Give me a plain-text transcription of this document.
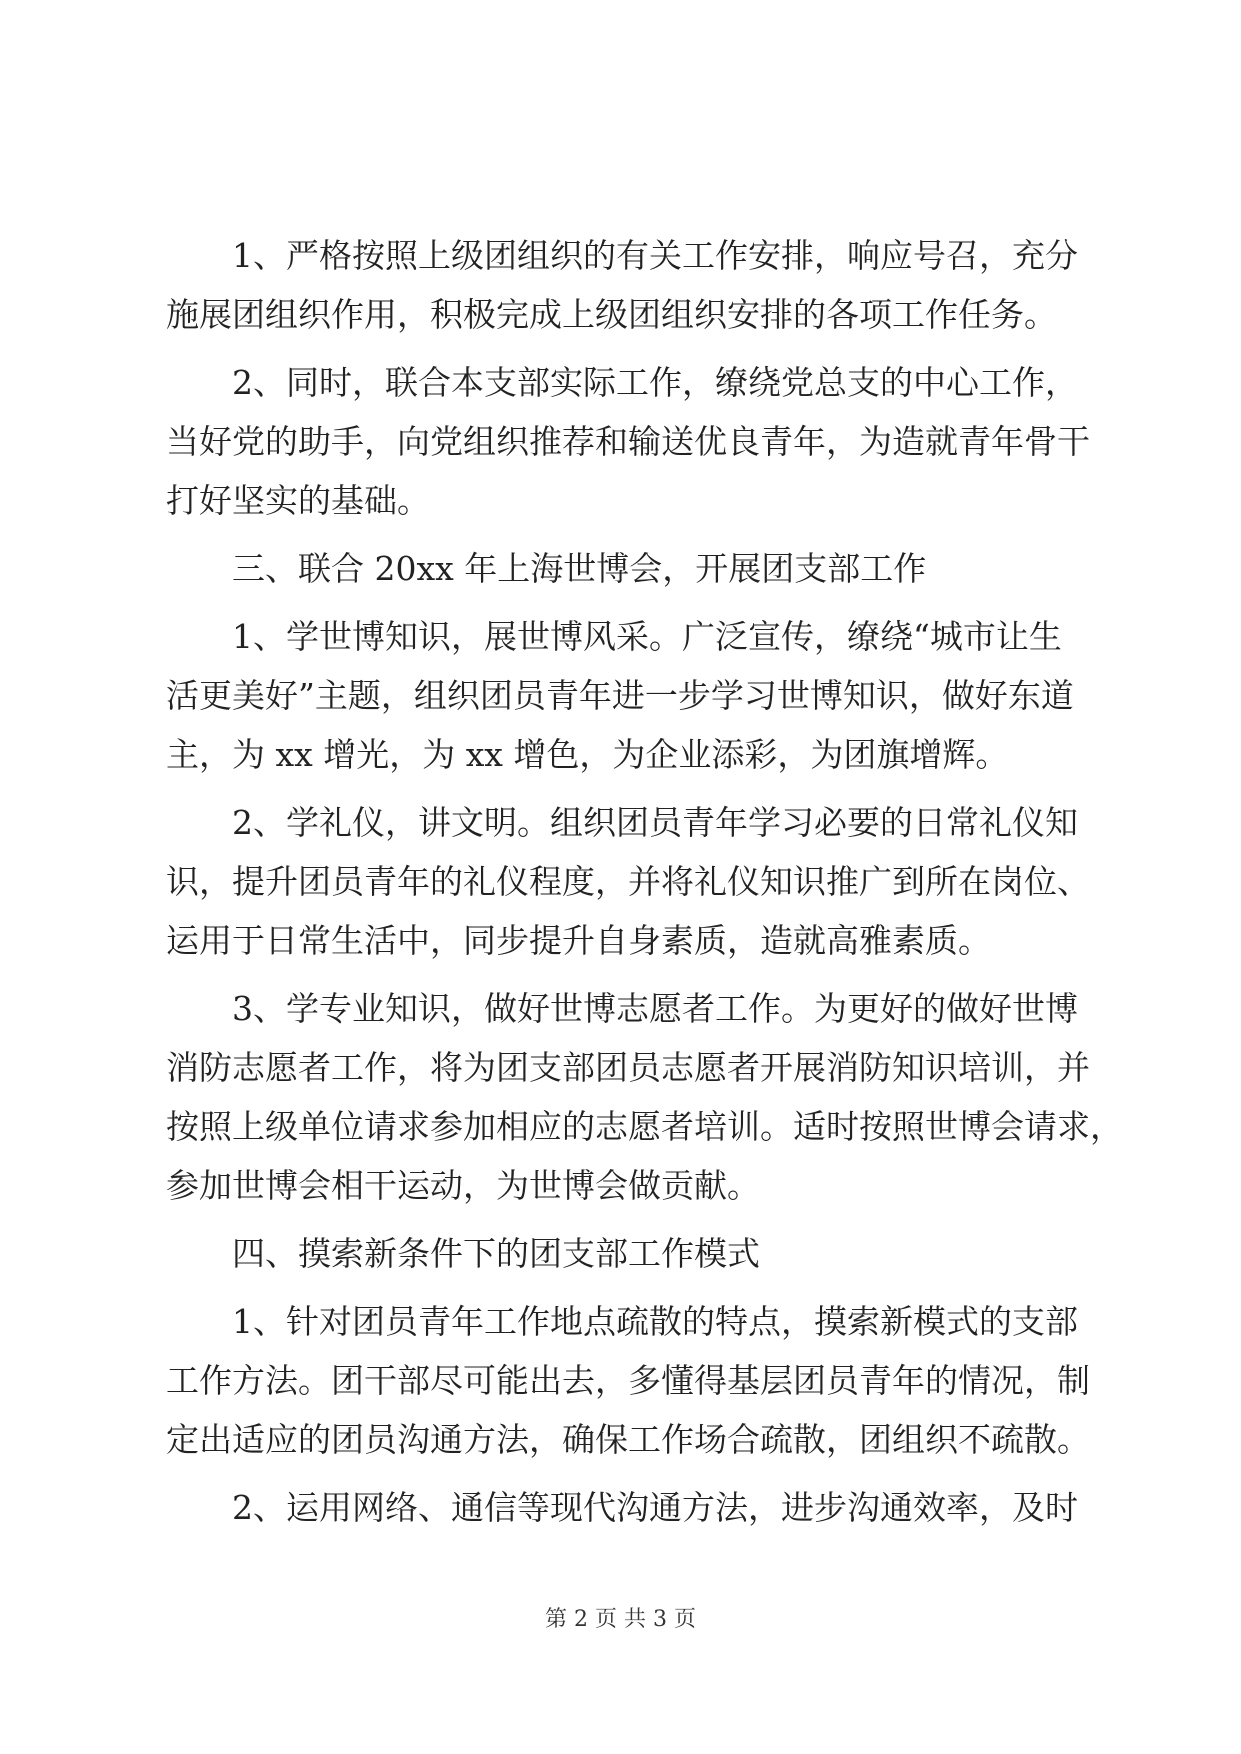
1、严格按照上级团组织的有关工作安排，响应号召，充分

施展团组织作用，积极完成上级团组织安排的各项工作任务。

2、同时，联合本支部实际工作，缭绕党总支的中心工作，

当好党的助手，向党组织推荐和输送优良青年，为造就青年骨干

打好坚实的基础。

三、联合 20xx 年上海世博会，开展团支部工作

1、学世博知识，展世博风采。广泛宣传，缭绕“城市让生

活更美好”主题，组织团员青年进一步学习世博知识，做好东道

主，为 xx 增光，为 xx 增色，为企业添彩，为团旗增辉。

2、学礼仪，讲文明。组织团员青年学习必要的日常礼仪知

识，提升团员青年的礼仪程度，并将礼仪知识推广到所在岗位、

运用于日常生活中，同步提升自身素质，造就高雅素质。

3、学专业知识，做好世博志愿者工作。为更好的做好世博

消防志愿者工作，将为团支部团员志愿者开展消防知识培训，并

按照上级单位请求参加相应的志愿者培训。适时按照世博会请求，

参加世博会相干运动，为世博会做贡献。

四、摸索新条件下的团支部工作模式

1、针对团员青年工作地点疏散的特点，摸索新模式的支部

工作方法。团干部尽可能出去，多懂得基层团员青年的情况，制

定出适应的团员沟通方法，确保工作场合疏散，团组织不疏散。

2、运用网络、通信等现代沟通方法，进步沟通效率，及时

第 2 页 共 3 页
